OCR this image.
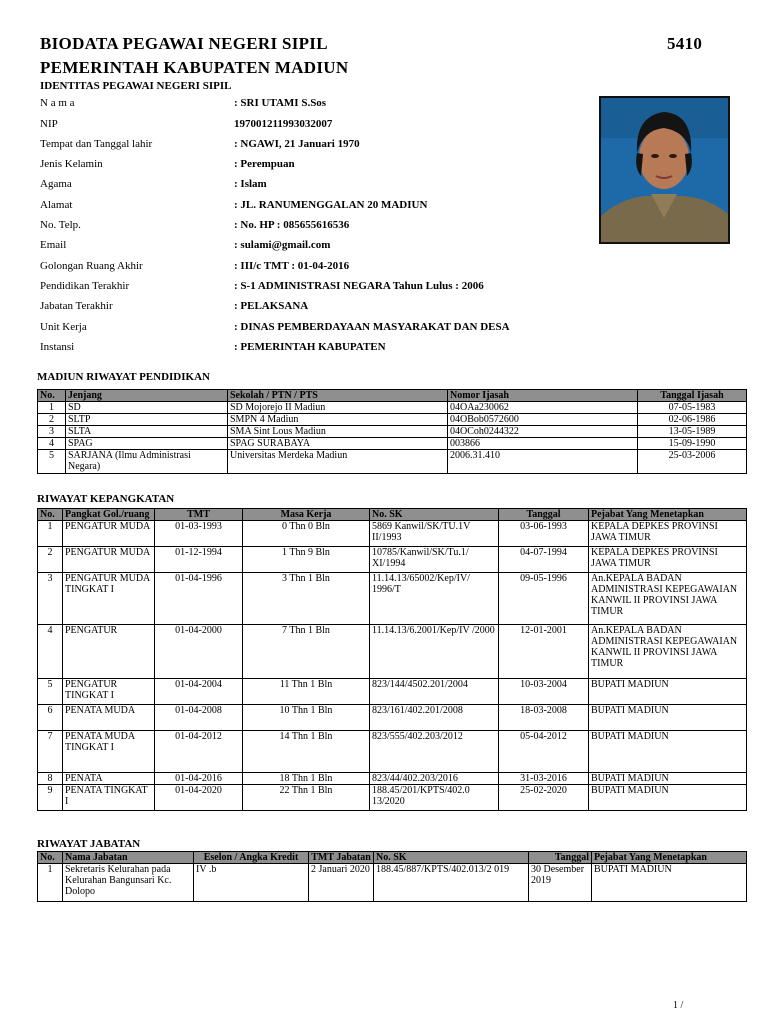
BIODATA PEGAWAI NEGERI SIPIL	5410
PEMERINTAH KABUPATEN MADIUN
IDENTITAS PEGAWAI NEGERI SIPIL
N a m a	: SRI UTAMI S.Sos
NIP	197001211993032007
Tempat dan Tanggal lahir	: NGAWI, 21 Januari 1970
Jenis Kelamin	: Perempuan
Agama	: Islam
Alamat	: JL. RANUMENGGALAN 20 MADIUN
No. Telp.	: No. HP : 085655616536
Email	: sulami@gmail.com
Golongan Ruang Akhir	: III/c TMT : 01-04-2016
Pendidikan Terakhir	: S-1 ADMINISTRASI NEGARA Tahun Lulus : 2006
Jabatan Terakhir	: PELAKSANA
Unit Kerja	: DINAS PEMBERDAYAAN MASYARAKAT DAN DESA
Instansi	: PEMERINTAH KABUPATEN
MADIUN RIWAYAT PENDIDIKAN
No.	Jenjang	Sekolah / PTN / PTS	Nomor Ijasah	Tanggal Ijasah
1	SD	SD Mojorejo II Madiun	04OAa230062	07-05-1983
2	SLTP	SMPN 4 Madiun	04OBob0572600	02-06-1986
3	SLTA	SMA Sint Lous Madiun	04OCoh0244322	13-05-1989
4	SPAG	SPAG SURABAYA	003866	15-09-1990
5	SARJANA (Ilmu Administrasi Negara)	Universitas Merdeka Madiun	2006.31.410	25-03-2006
RIWAYAT KEPANGKATAN
No.	Pangkat Gol./ruang	TMT	Masa Kerja	No. SK	Tanggal	Pejabat Yang Menetapkan
1	PENGATUR MUDA	01-03-1993	0 Thn 0 Bln	5869 Kanwil/SK/TU.1V II/1993	03-06-1993	KEPALA DEPKES PROVINSI JAWA TIMUR
2	PENGATUR MUDA	01-12-1994	1 Thn 9 Bln	10785/Kanwil/SK/Tu.1/ XI/1994	04-07-1994	KEPALA DEPKES PROVINSI JAWA TIMUR
3	PENGATUR MUDA TINGKAT I	01-04-1996	3 Thn 1 Bln	11.14.13/65002/Kep/IV/ 1996/T	09-05-1996	An.KEPALA BADAN ADMINISTRASI KEPEGAWAIAN KANWIL II PROVINSI JAWA TIMUR
4	PENGATUR	01-04-2000	7 Thn 1 Bln	11.14.13/6.2001/Kep/IV /2000	12-01-2001	An.KEPALA BADAN ADMINISTRASI KEPEGAWAIAN KANWIL II PROVINSI JAWA TIMUR
5	PENGATUR TINGKAT I	01-04-2004	11 Thn 1 Bln	823/144/4502.201/2004	10-03-2004	BUPATI MADIUN
6	PENATA MUDA	01-04-2008	10 Thn 1 Bln	823/161/402.201/2008	18-03-2008	BUPATI MADIUN
7	PENATA MUDA TINGKAT I	01-04-2012	14 Thn 1 Bln	823/555/402.203/2012	05-04-2012	BUPATI MADIUN
8	PENATA	01-04-2016	18 Thn 1 Bln	823/44/402.203/2016	31-03-2016	BUPATI MADIUN
9	PENATA TINGKAT I	01-04-2020	22 Thn 1 Bln	188.45/201/KPTS/402.0 13/2020	25-02-2020	BUPATI MADIUN
RIWAYAT JABATAN
No.	Nama Jabatan	Eselon / Angka Kredit	TMT Jabatan	No. SK	Tanggal	Pejabat Yang Menetapkan
1	Sekretaris Kelurahan pada Kelurahan Bangunsari Kc. Dolopo	IV .b	2 Januari 2020	188.45/887/KPTS/402.013/2 019	30 Desember 2019	BUPATI MADIUN
1 /
